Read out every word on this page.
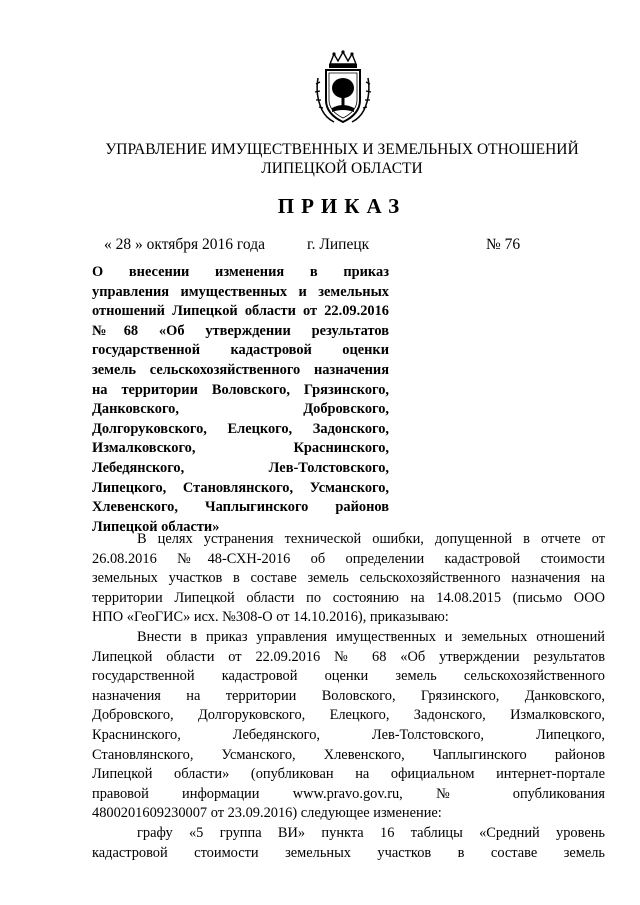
УПРАВЛЕНИЕ ИМУЩЕСТВЕННЫХ И ЗЕМЕЛЬНЫХ ОТНОШЕНИЙ
ЛИПЕЦКОЙ ОБЛАСТИ
ПРИКАЗ
« 28 » октября 2016 года	г. Липецк	№ 76
О внесении изменения в приказ
управления имущественных и земельных
отношений Липецкой области от 22.09.2016
№68 «Об утверждении результатов
государственной кадастровой оценки
земель сельскохозяйственного назначения
на территории Воловского, Грязинского,
Данковского, Добровского,
Долгоруковского, Елецкого, Задонского,
Измалковского, Краснинского,
Лебедянского, Лев-Толстовского,
Липецкого, Становлянского, Усманского,
Хлевенского, Чаплыгинского районов
Липецкой области»
В целях устранения технической ошибки, допущенной в отчете от
26.08.2016 №48-СХН-2016 об определении кадастровой стоимости
земельных участков в составе земель сельскохозяйственного назначения на
территории Липецкой области по состоянию на 14.08.2015 (письмо ООО
НПО «ГеоГИС» исх. №308-О от 14.10.2016), приказываю:
Внести в приказ управления имущественных и земельных отношений
Липецкой области от 22.09.2016 № 68 «Об утверждении результатов
государственной кадастровой оценки земель сельскохозяйственного
назначения на территории Воловского, Грязинского, Данковского,
Добровского, Долгоруковского, Елецкого, Задонского, Измалковского,
Краснинского, Лебедянского, Лев-Толстовского, Липецкого,
Становлянского, Усманского, Хлевенского, Чаплыгинского районов
Липецкой области» (опубликован на официальном интернет-портале
правовой информации www.pravo.gov.ru, № опубликования
4800201609230007 от 23.09.2016) следующее изменение:
графу «5 группа ВИ» пункта 16 таблицы «Средний уровень
кадастровой стоимости земельных участков в составе земель
